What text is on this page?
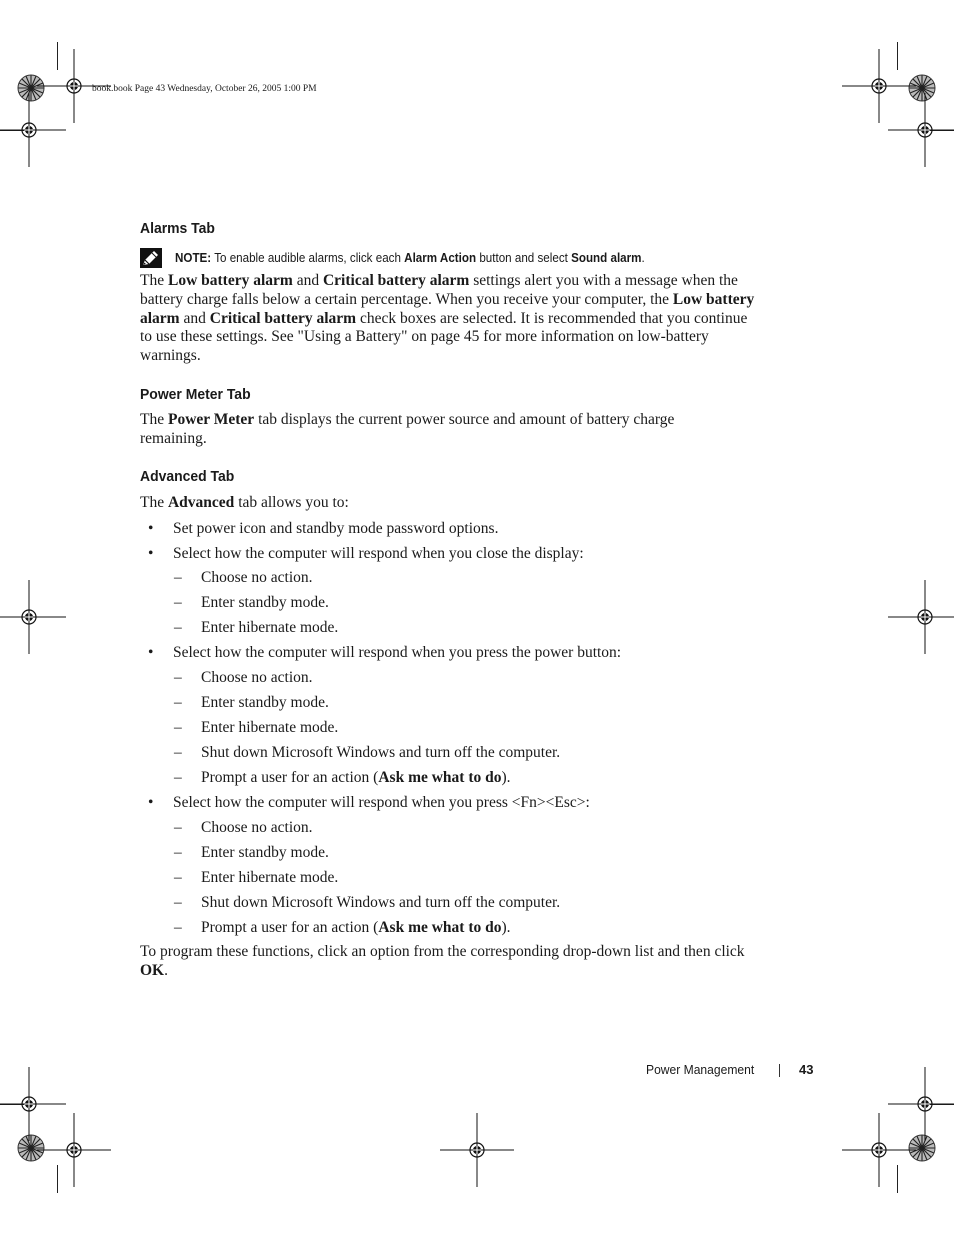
book.book Page 43 Wednesday, October 26, 2005 1:00 PM
Alarms Tab
NOTE: To enable audible alarms, click each Alarm Action button and select Sound alarm.

The Low battery alarm and Critical battery alarm settings alert you with a message when the battery charge falls below a certain percentage. When you receive your computer, the Low battery alarm and Critical battery alarm check boxes are selected. It is recommended that you continue to use these settings. See "Using a Battery" on page 45 for more information on low-battery warnings.

Power Meter Tab

The Power Meter tab displays the current power source and amount of battery charge remaining.

Advanced Tab

The Advanced tab allows you to:

• Set power icon and standby mode password options.
• Select how the computer will respond when you close the display:
– Choose no action.
– Enter standby mode.
– Enter hibernate mode.
• Select how the computer will respond when you press the power button:
– Choose no action.
– Enter standby mode.
– Enter hibernate mode.
– Shut down Microsoft Windows and turn off the computer.
– Prompt a user for an action (Ask me what to do).
• Select how the computer will respond when you press <Fn><Esc>:
– Choose no action.
– Enter standby mode.
– Enter hibernate mode.
– Shut down Microsoft Windows and turn off the computer.
– Prompt a user for an action (Ask me what to do).

To program these functions, click an option from the corresponding drop-down list and then click OK.

Power Management	43
